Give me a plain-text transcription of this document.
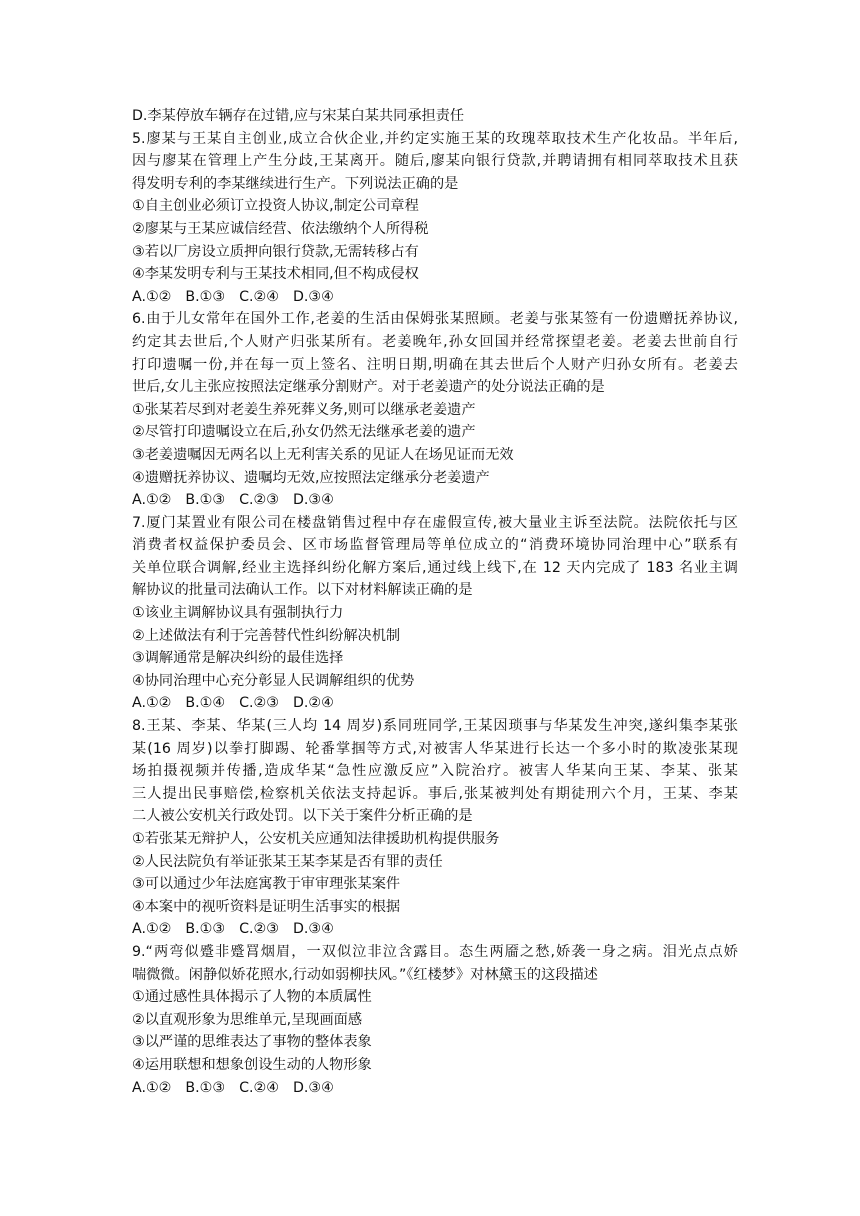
D.李某停放车辆存在过错,应与宋某白某共同承担责任
5.廖某与王某自主创业,成立合伙企业,并约定实施王某的玫瑰萃取技术生产化妆品。半年后,
因与廖某在管理上产生分歧,王某离开。随后,廖某向银行贷款,并聘请拥有相同萃取技术且获
得发明专利的李某继续进行生产。下列说法正确的是
①自主创业必须订立投资人协议,制定公司章程
②廖某与王某应诚信经营、依法缴纳个人所得税
③若以厂房设立质押向银行贷款,无需转移占有
④李某发明专利与王某技术相同,但不构成侵权
A.①② B.①③ C.②④ D.③④
6.由于儿女常年在国外工作,老姜的生活由保姆张某照顾。老姜与张某签有一份遗赠抚养协议,
约定其去世后,个人财产归张某所有。老姜晚年,孙女回国并经常探望老姜。老姜去世前自行
打印遗嘱一份,并在每一页上签名、注明日期,明确在其去世后个人财产归孙女所有。老姜去
世后,女儿主张应按照法定继承分割财产。对于老姜遗产的处分说法正确的是
①张某若尽到对老姜生养死葬义务,则可以继承老姜遗产
②尽管打印遗嘱设立在后,孙女仍然无法继承老姜的遗产
③老姜遗嘱因无两名以上无利害关系的见证人在场见证而无效
④遗赠抚养协议、遗嘱均无效,应按照法定继承分老姜遗产
A.①② B.①③ C.②③ D.③④
7.厦门某置业有限公司在楼盘销售过程中存在虚假宣传,被大量业主诉至法院。法院依托与区
消费者权益保护委员会、区市场监督管理局等单位成立的“消费环境协同治理中心”联系有
关单位联合调解,经业主选择纠纷化解方案后,通过线上线下,在 12 天内完成了 183 名业主调
解协议的批量司法确认工作。以下对材料解读正确的是
①该业主调解协议具有强制执行力
②上述做法有利于完善替代性纠纷解决机制
③调解通常是解决纠纷的最佳选择
④协同治理中心充分彰显人民调解组织的优势
A.①② B.①④ C.②③ D.②④
8.王某、李某、华某(三人均 14 周岁)系同班同学,王某因琐事与华某发生冲突,遂纠集李某张
某(16 周岁)以拳打脚踢、轮番掌掴等方式,对被害人华某进行长达一个多小时的欺凌张某现
场拍摄视频并传播,造成华某“急性应激反应”入院治疗。被害人华某向王某、李某、张某
三人提出民事赔偿,检察机关依法支持起诉。事后,张某被判处有期徒刑六个月，王某、李某
二人被公安机关行政处罚。以下关于案件分析正确的是
①若张某无辩护人，公安机关应通知法律援助机构提供服务
②人民法院负有举证张某王某李某是否有罪的责任
③可以通过少年法庭寓教于审审理张某案件
④本案中的视听资料是证明生活事实的根据
A.①② B.①③ C.②③ D.③④
9.“两弯似蹙非蹙罥烟眉，一双似泣非泣含露目。态生两靥之愁,娇袭一身之病。泪光点点娇
喘微微。闲静似娇花照水,行动如弱柳扶风。”《红楼梦》对林黛玉的这段描述
①通过感性具体揭示了人物的本质属性
②以直观形象为思维单元,呈现画面感
③以严谨的思维表达了事物的整体表象
④运用联想和想象创设生动的人物形象
A.①② B.①③ C.②④ D.③④
